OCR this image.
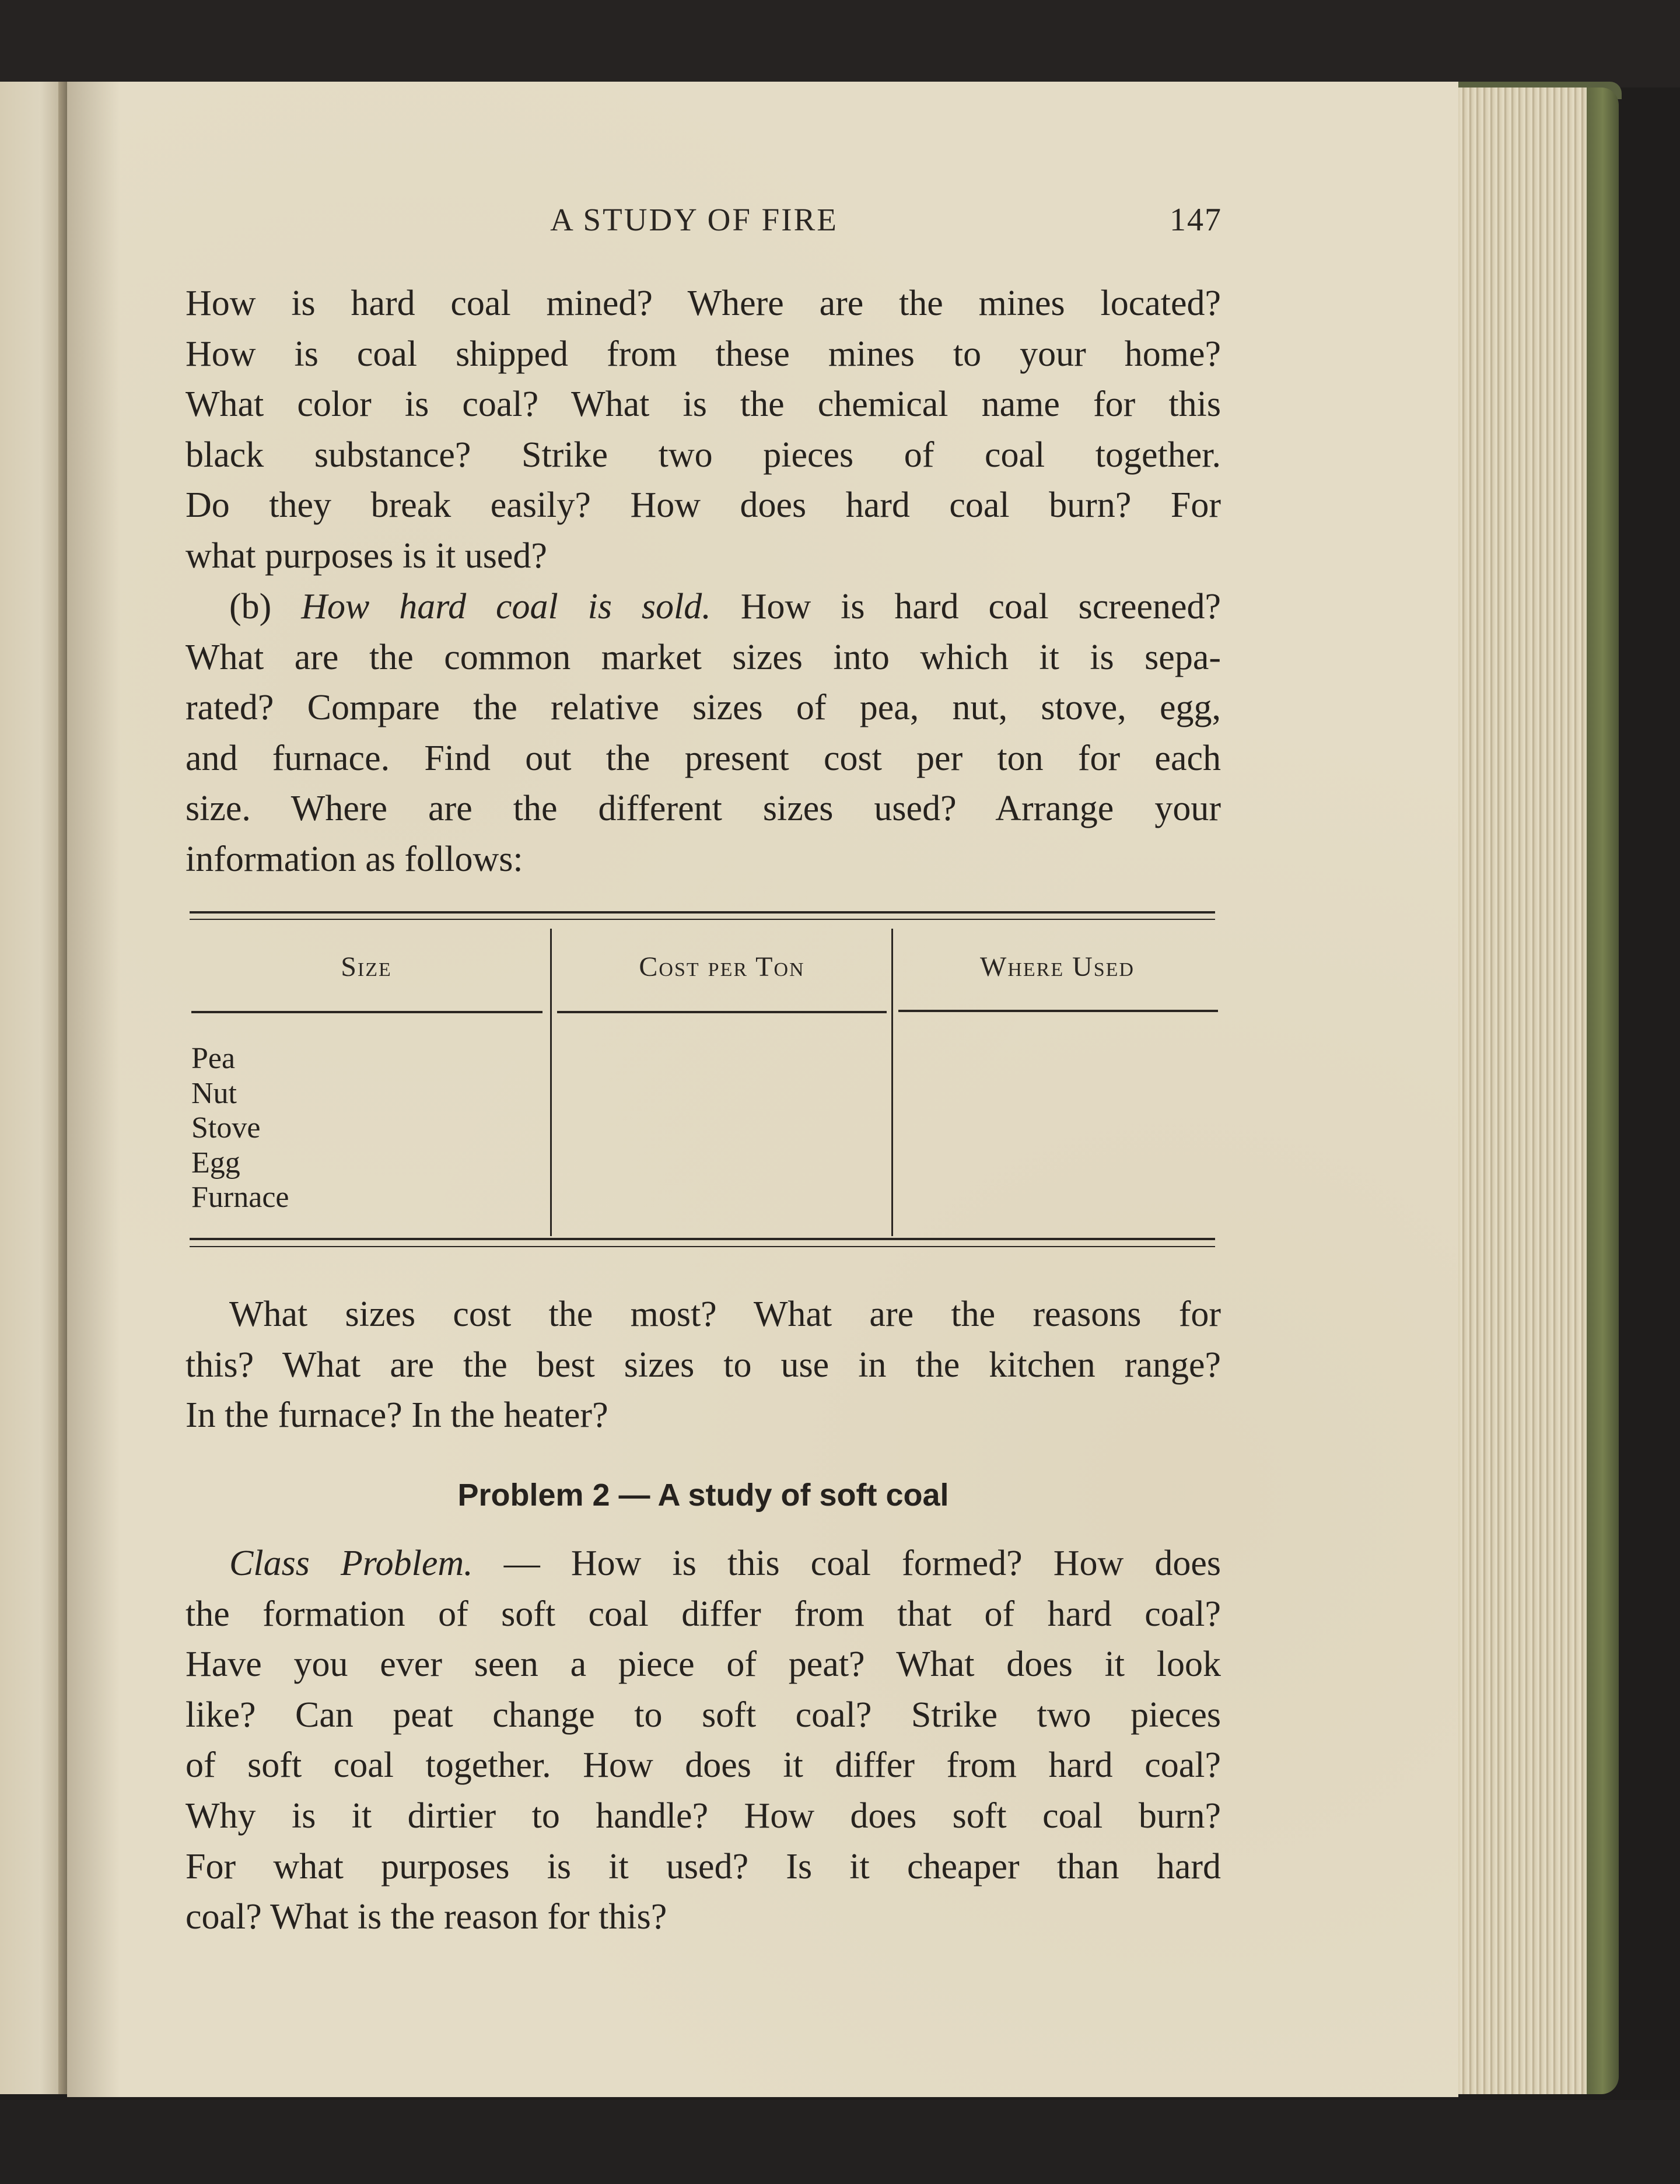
A STUDY OF FIRE	147
How is hard coal mined? Where are the mines located?
How is coal shipped from these mines to your home?
What color is coal? What is the chemical name for this
black substance? Strike two pieces of coal together.
Do they break easily? How does hard coal burn? For
what purposes is it used?
(b) How hard coal is sold. How is hard coal screened?
What are the common market sizes into which it is sepa-
rated? Compare the relative sizes of pea, nut, stove, egg,
and furnace. Find out the present cost per ton for each
size. Where are the different sizes used? Arrange your
information as follows:
Size	Cost per Ton	Where Used
Pea
Nut
Stove
Egg
Furnace
What sizes cost the most? What are the reasons for
this? What are the best sizes to use in the kitchen range?
In the furnace? In the heater?
Problem 2 — A study of soft coal
Class Problem. — How is this coal formed? How does
the formation of soft coal differ from that of hard coal?
Have you ever seen a piece of peat? What does it look
like? Can peat change to soft coal? Strike two pieces
of soft coal together. How does it differ from hard coal?
Why is it dirtier to handle? How does soft coal burn?
For what purposes is it used? Is it cheaper than hard
coal? What is the reason for this?
